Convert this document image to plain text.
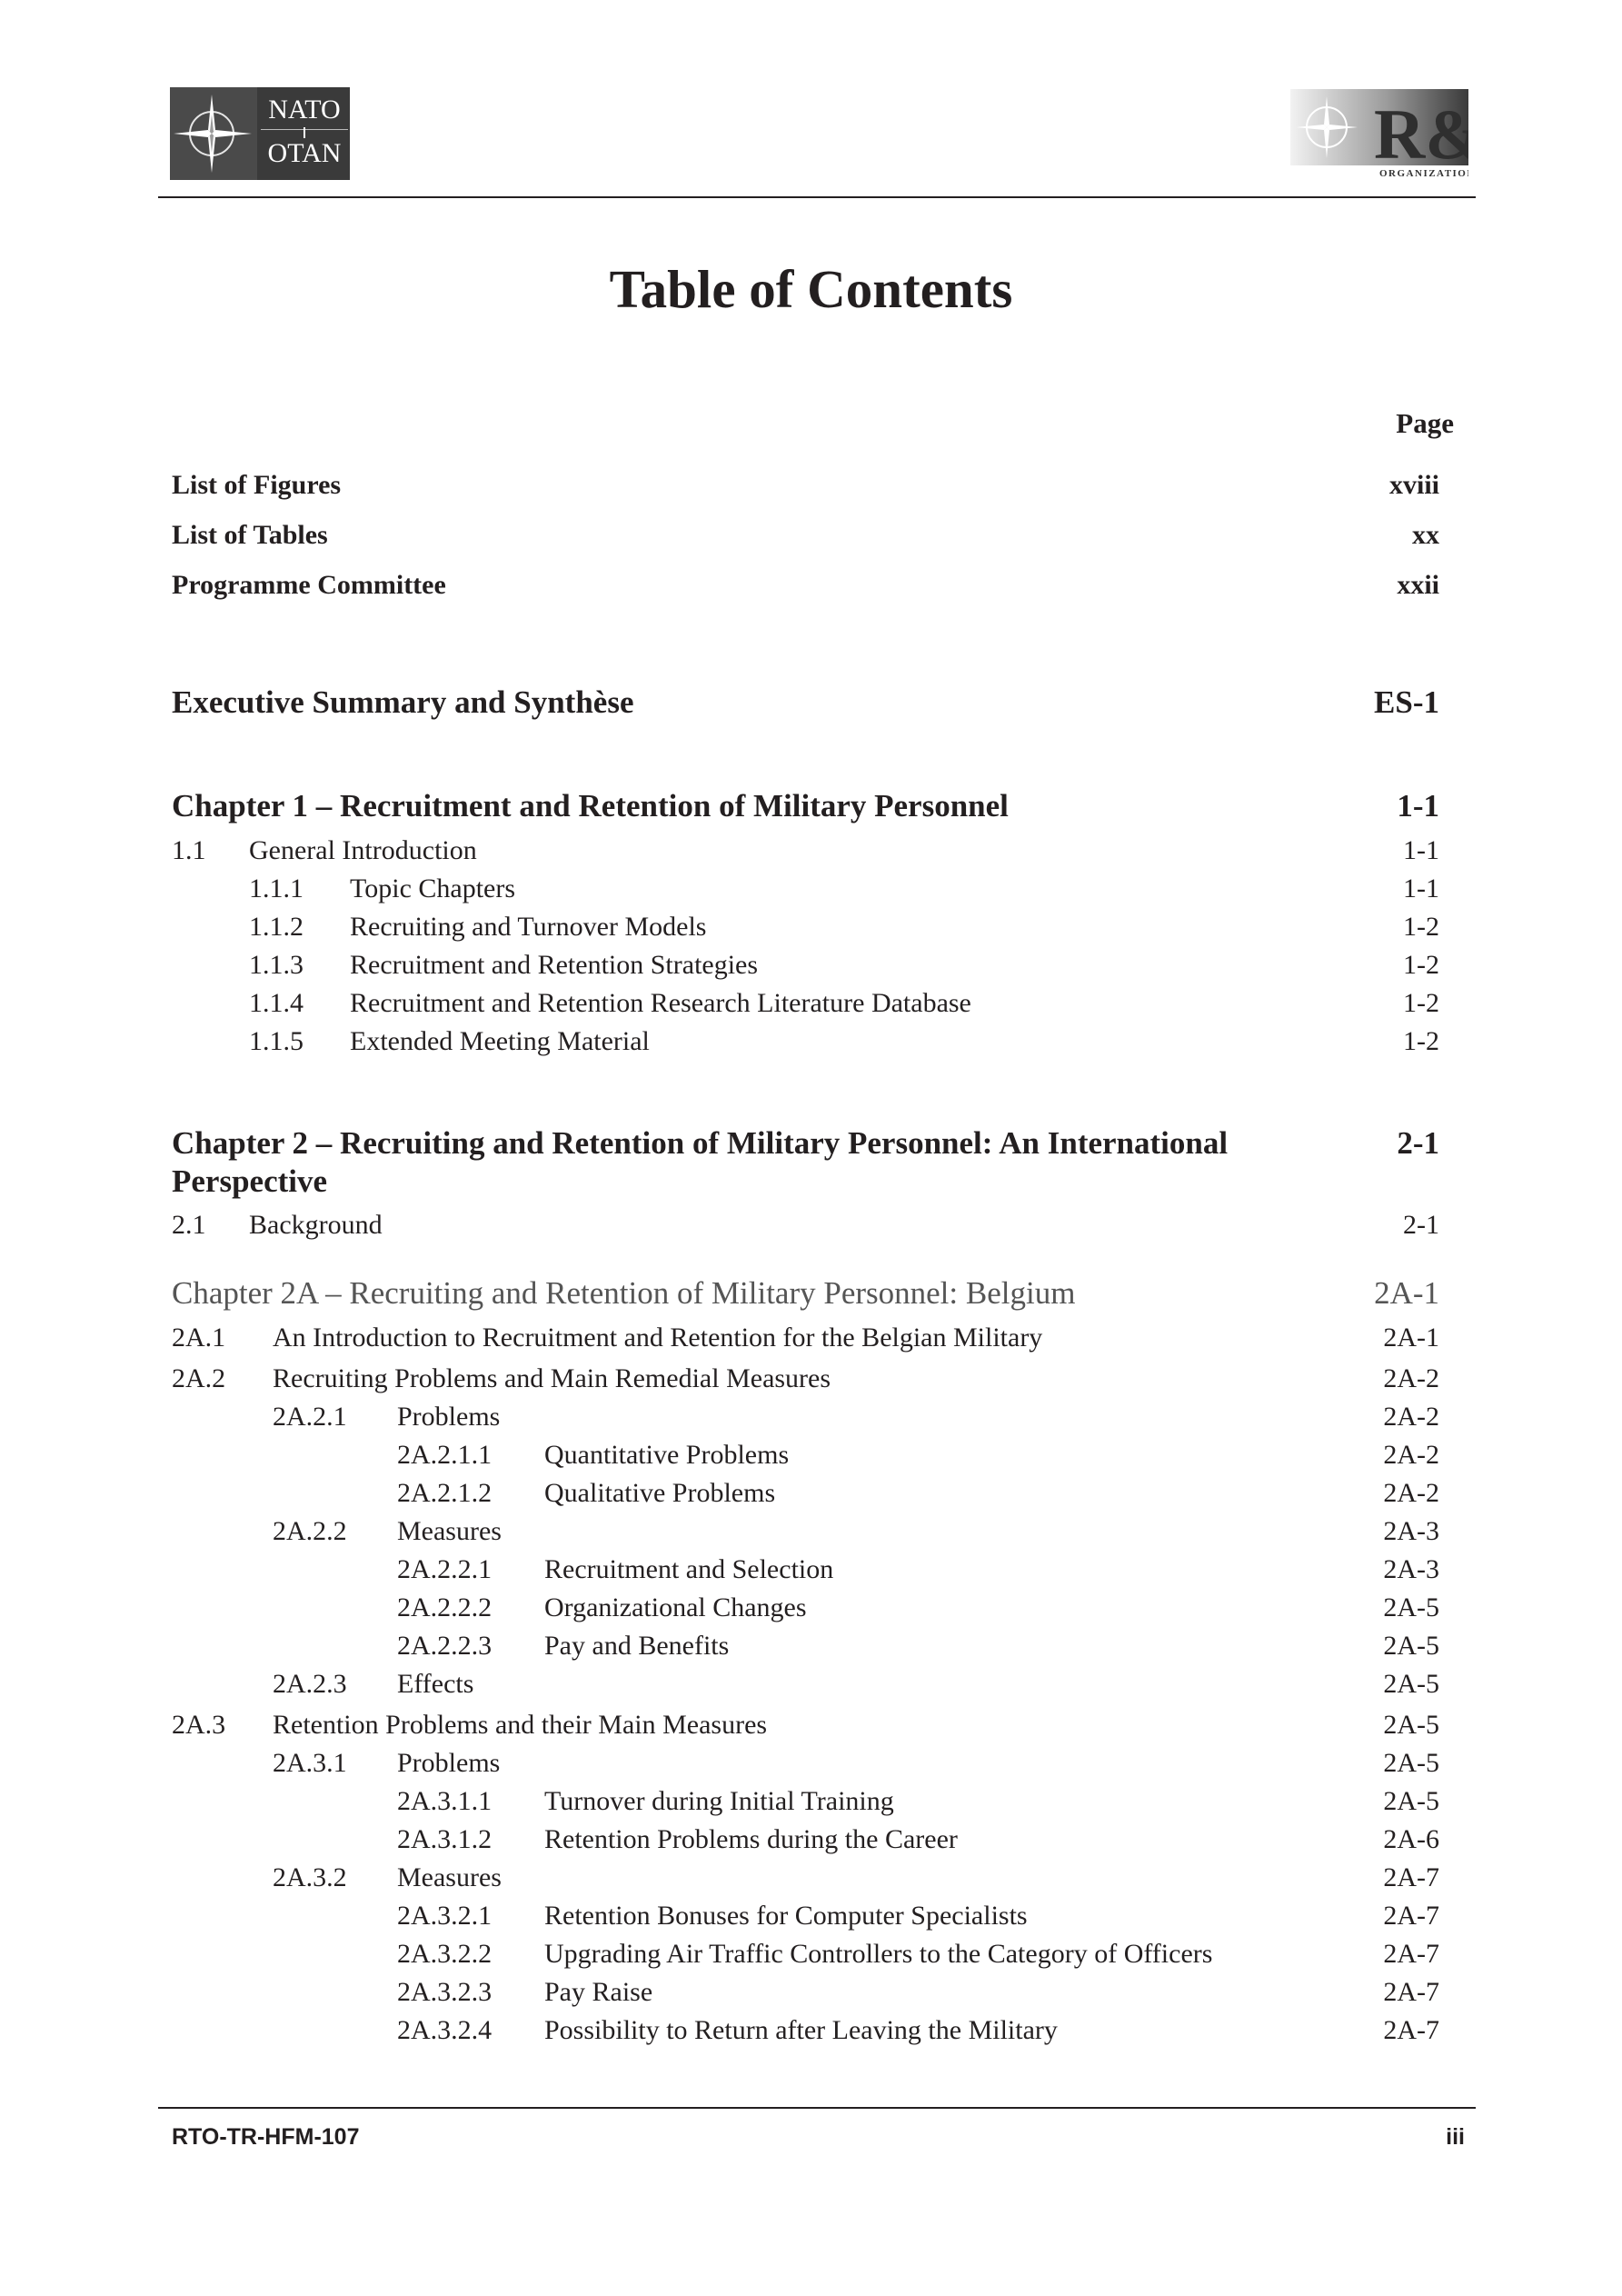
NATO
OTAN	R
ORGANIZATION
Table of Contents
Page
List of Figures	xviii
List of Tables	xx
Programme Committee	xxii
Executive Summary and Synthèse	ES-1
Chapter 1 – Recruitment and Retention of Military Personnel	1-1
1.1 General Introduction	1-1
1.1.1 Topic Chapters	1-1
1.1.2 Recruiting and Turnover Models	1-2
1.1.3 Recruitment and Retention Strategies	1-2
1.1.4 Recruitment and Retention Research Literature Database	1-2
1.1.5 Extended Meeting Material	1-2
Chapter 2 – Recruiting and Retention of Military Personnel: An International	2-1
Perspective
2.1 Background	2-1
Chapter 2A – Recruiting and Retention of Military Personnel: Belgium	2A-1
2A.1 An Introduction to Recruitment and Retention for the Belgian Military	2A-1
2A.2 Recruiting Problems and Main Remedial Measures	2A-2
2A.2.1 Problems	2A-2
2A.2.1.1 Quantitative Problems	2A-2
2A.2.1.2 Qualitative Problems	2A-2
2A.2.2 Measures	2A-3
2A.2.2.1 Recruitment and Selection	2A-3
2A.2.2.2 Organizational Changes	2A-5
2A.2.2.3 Pay and Benefits	2A-5
2A.2.3 Effects	2A-5
2A.3 Retention Problems and their Main Measures	2A-5
2A.3.1 Problems	2A-5
2A.3.1.1 Turnover during Initial Training	2A-5
2A.3.1.2 Retention Problems during the Career	2A-6
2A.3.2 Measures	2A-7
2A.3.2.1 Retention Bonuses for Computer Specialists	2A-7
2A.3.2.2 Upgrading Air Traffic Controllers to the Category of Officers	2A-7
2A.3.2.3 Pay Raise	2A-7
2A.3.2.4 Possibility to Return after Leaving the Military	2A-7
RTO-TR-HFM-107	iii
